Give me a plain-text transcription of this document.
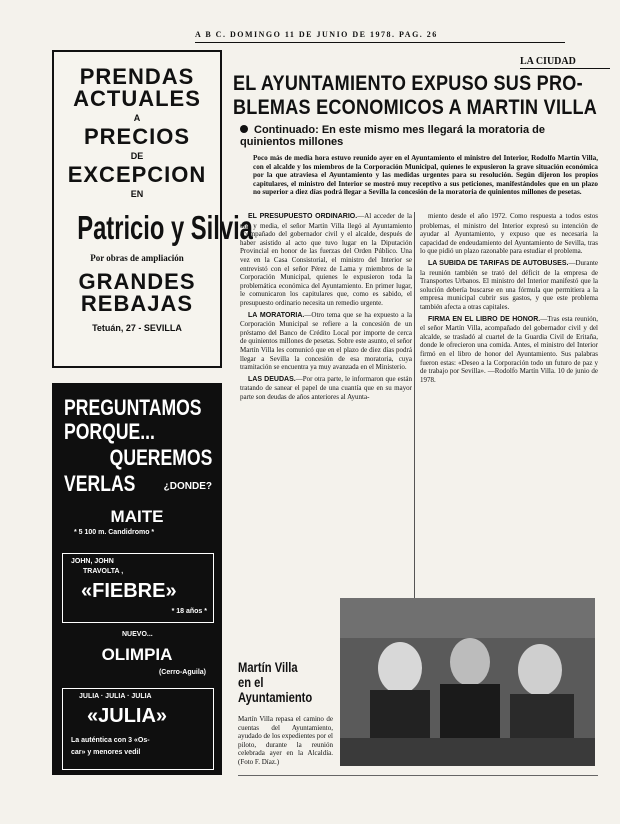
A B C. DOMINGO 11 DE JUNIO DE 1978. PAG. 26
LA CIUDAD
PRENDAS
ACTUALES
A
PRECIOS
DE
EXCEPCION
EN
Patricio y Silvia
Por obras de ampliación
GRANDES
REBAJAS
Tetuán, 27 - SEVILLA
PREGUNTAMOS
PORQUE...
QUEREMOS
VERLAS	¿DONDE?
MAITE
* 5 100 m. Candidromo *
JOHN, JOHN
TRAVOLTA ,
«FIEBRE»
* 18 años *
NUEVO...
OLIMPIA
(Cerro-Aguila)
JULIA · JULIA · JULIA
«JULIA»
La auténtica con 3 «Os-
car» y menores vedil
EL AYUNTAMIENTO EXPUSO SUS PRO-
BLEMAS ECONOMICOS A MARTIN VILLA
Continuado: En este mismo mes llegará la moratoria de quinientos millones
Poco más de media hora estuvo reunido ayer en el Ayuntamiento el ministro del Interior, Rodolfo Martín Villa, con el alcalde y los miembros de la Corporación Municipal, quienes le expusieron la grave situación económica por la que atraviesa el Ayuntamiento y las medidas urgentes para su resolución. Según dijeron los propios capitulares, el ministro del Interior se mostró muy receptivo a sus peticiones, manifestándoles que en un plazo no superior a diez días podrá llegar a Sevilla la concesión de la moratoria de quinientos millones de pesetas.

EL PRESUPUESTO ORDINARIO.—Al acceder de la una y media, el señor Martín Villa llegó al Ayuntamiento acompañado del gobernador civil y el alcalde, después de haber asistido al acto que tuvo lugar en la Diputación Provincial en honor de las fuerzas del Orden Público. Una vez en la Casa Consistorial, el ministro del Interior se entrevistó con el señor Pérez de Lama y miembros de la Corporación Municipal, quienes le expusieron toda la problemática económica del Ayuntamiento. En primer lugar, le comunicaron los capitulares que, como es sabido, el presupuesto ordinario necesita un remedio urgente.

LA MORATORIA.—Otro tema que se ha expuesto a la Corporación Municipal se refiere a la concesión de un préstamo del Banco de Crédito Local por importe de cerca de quinientos millones de pesetas. Sobre este asunto, el señor Martín Villa les comunicó que en el plazo de diez días podrá llegar a Sevilla la concesión de esa moratoria, cuya tramitación se encuentra ya muy avanzada en el Ministerio.

LAS DEUDAS.—Por otra parte, le informaron que están tratando de sanear el papel de una cuantía que en su mayor parte son deudas de años anteriores al Ayunta-

miento desde el año 1972. Como respuesta a todos estos problemas, el ministro del Interior expresó su intención de ayudar al Ayuntamiento, y expuso que es necesaria la capacidad de endeudamiento del Ayuntamiento de Sevilla, tras lo que pidió un plazo razonable para estudiar el problema.

LA SUBIDA DE TARIFAS DE AUTOBUSES.—Durante la reunión también se trató del déficit de la empresa de Transportes Urbanos. El ministro del Interior manifestó que la solución debería buscarse en una fórmula que permitiera a la empresa municipal cubrir sus gastos, y que este problema también afecta a otras capitales.

FIRMA EN EL LIBRO DE HONOR.—Tras esta reunión, el señor Martín Villa, acompañado del gobernador civil y del alcalde, se trasladó al cuartel de la Guardia Civil de Eritaña, donde le ofrecieron una comida. Antes, el ministro del Interior firmó en el libro de honor del Ayuntamiento. Sus palabras fueron estas: «Deseo a la Corporación todo un futuro de paz y de trabajo por Sevilla». —Rodolfo Martín Villa. 10 de junio de 1978.

Martín Villa
en el
Ayuntamiento
Martín Villa repasa el camino de cuentas del Ayuntamiento, ayudado de los expedientes por el piloto, durante la reunión celebrada ayer en la Alcaldía. (Foto F. Díaz.)
